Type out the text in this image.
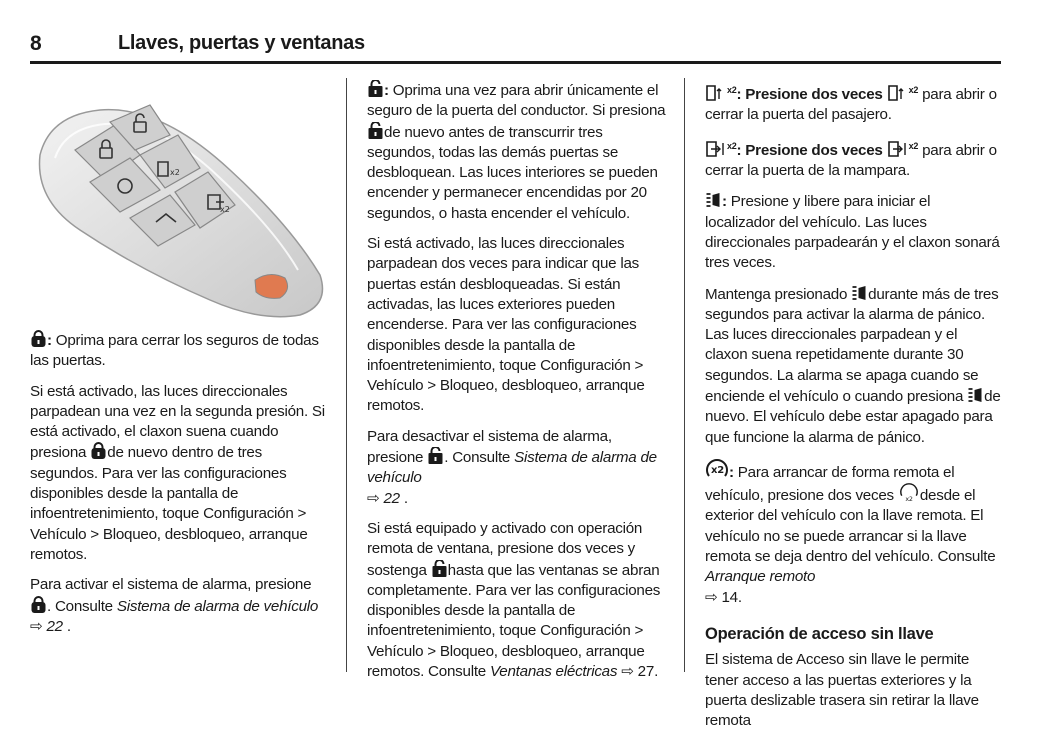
8	Llaves, puertas y ventanas
x2
x2

: Oprima para cerrar los seguros de todas las puertas.

Si está activado, las luces direccionales parpadean una vez en la segunda presión. Si está activado, el claxon suena cuando presiona de nuevo dentro de tres segundos. Para ver las configuraciones disponibles desde la pantalla de infoentretenimiento, toque Configuración > Vehículo > Bloqueo, desbloqueo, arranque remotos.

Para activar el sistema de alarma, presione
. Consulte Sistema de alarma de vehículo ⇨ 22 .

: Oprima una vez para abrir únicamente el seguro de la puerta del conductor. Si presiona
de nuevo antes de transcurrir tres segundos, todas las demás puertas se desbloquean. Las luces interiores se pueden encender y permanecer encendidas por 20 segundos, o hasta encender el vehículo.

Si está activado, las luces direccionales parpadean dos veces para indicar que las puertas están desbloqueadas. Si están activadas, las luces exteriores pueden encenderse. Para ver las configuraciones disponibles desde la pantalla de infoentretenimiento, toque Configuración > Vehículo > Bloqueo, desbloqueo, arranque remotos.

Para desactivar el sistema de alarma, presione . Consulte Sistema de alarma de vehículo
⇨ 22 .

Si está equipado y activado con operación remota de ventana, presione dos veces y sostenga hasta que las ventanas se abran completamente. Para ver las configuraciones disponibles desde la pantalla de infoentretenimiento, toque Configuración > Vehículo > Bloqueo, desbloqueo, arranque remotos. Consulte Ventanas eléctricas ⇨ 27.

$^{x2}$: Presione dos veces
$^{x2}$ para abrir o cerrar la puerta del pasajero.

$^{x2}$: Presione dos veces
$^{x2}$ para abrir o cerrar la puerta de la mampara.

: Presione y libere para iniciar el localizador del vehículo. Las luces direccionales parpadearán y el claxon sonará tres veces.

Mantenga presionado durante más de tres segundos para activar la alarma de pánico. Las luces direccionales parpadean y el claxon suena repetidamente durante 30 segundos. La alarma se apaga cuando se enciende el vehículo o cuando presiona de nuevo. El vehículo debe estar apagado para que funcione la alarma de pánico.

x2 : Para arrancar de forma remota el vehículo, presione dos veces x2 desde el exterior del vehículo con la llave remota. El vehículo no se puede arrancar si la llave remota se deja dentro del vehículo. Consulte Arranque remoto
⇨ 14.

Operación de acceso sin llave

El sistema de Acceso sin llave le permite tener acceso a las puertas exteriores y la puerta deslizable trasera sin retirar la llave remota
